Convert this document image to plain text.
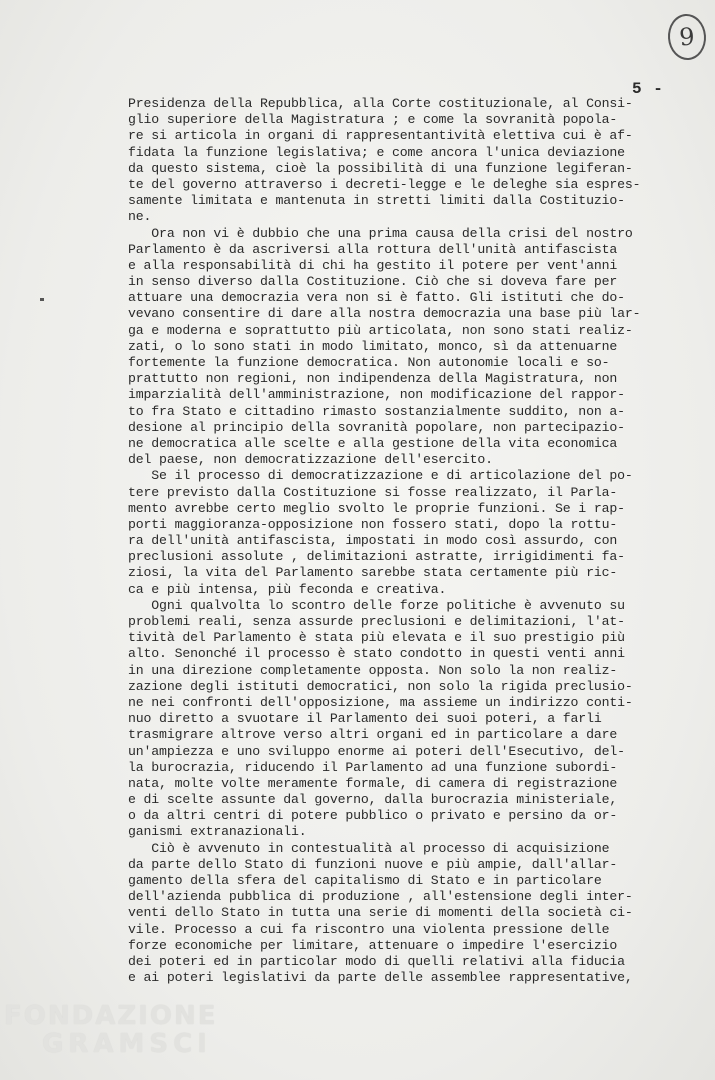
9
5 -
Presidenza della Repubblica, alla Corte costituzionale, al Consi-
glio superiore della Magistratura ; e come la sovranità popola-
re si articola in organi di rappresentantività elettiva cui è af-
fidata la funzione legislativa; e come ancora l'unica deviazione
da questo sistema, cioè la possibilità di una funzione legiferan-
te del governo attraverso i decreti-legge e le deleghe sia espres-
samente limitata e mantenuta in stretti limiti dalla Costituzio-
ne.
Ora non vi è dubbio che una prima causa della crisi del nostro
Parlamento è da ascriversi alla rottura dell'unità antifascista
e alla responsabilità di chi ha gestito il potere per vent'anni
in senso diverso dalla Costituzione. Ciò che si doveva fare per
attuare una democrazia vera non si è fatto. Gli istituti che do-
vevano consentire di dare alla nostra democrazia una base più lar-
ga e moderna e soprattutto più articolata, non sono stati realiz-
zati, o lo sono stati in modo limitato, monco, sì da attenuarne
fortemente la funzione democratica. Non autonomie locali e so-
prattutto non regioni, non indipendenza della Magistratura, non
imparzialità dell'amministrazione, non modificazione del rappor-
to fra Stato e cittadino rimasto sostanzialmente suddito, non a-
desione al principio della sovranità popolare, non partecipazio-
ne democratica alle scelte e alla gestione della vita economica
del paese, non democratizzazione dell'esercito.
Se il processo di democratizzazione e di articolazione del po-
tere previsto dalla Costituzione si fosse realizzato, il Parla-
mento avrebbe certo meglio svolto le proprie funzioni. Se i rap-
porti maggioranza-opposizione non fossero stati, dopo la rottu-
ra dell'unità antifascista, impostati in modo così assurdo, con
preclusioni assolute , delimitazioni astratte, irrigidimenti fa-
ziosi, la vita del Parlamento sarebbe stata certamente più ric-
ca e più intensa, più feconda e creativa.
Ogni qualvolta lo scontro delle forze politiche è avvenuto su
problemi reali, senza assurde preclusioni e delimitazioni, l'at-
tività del Parlamento è stata più elevata e il suo prestigio più
alto. Senonché il processo è stato condotto in questi venti anni
in una direzione completamente opposta. Non solo la non realiz-
zazione degli istituti democratici, non solo la rigida preclusio-
ne nei confronti dell'opposizione, ma assieme un indirizzo conti-
nuo diretto a svuotare il Parlamento dei suoi poteri, a farli
trasmigrare altrove verso altri organi ed in particolare a dare
un'ampiezza e uno sviluppo enorme ai poteri dell'Esecutivo, del-
la burocrazia, riducendo il Parlamento ad una funzione subordi-
nata, molte volte meramente formale, di camera di registrazione
e di scelte assunte dal governo, dalla burocrazia ministeriale,
o da altri centri di potere pubblico o privato e persino da or-
ganismi extranazionali.
Ciò è avvenuto in contestualità al processo di acquisizione
da parte dello Stato di funzioni nuove e più ampie, dall'allar-
gamento della sfera del capitalismo di Stato e in particolare
dell'azienda pubblica di produzione , all'estensione degli inter-
venti dello Stato in tutta una serie di momenti della società ci-
vile. Processo a cui fa riscontro una violenta pressione delle
forze economiche per limitare, attenuare o impedire l'esercizio
dei poteri ed in particolar modo di quelli relativi alla fiducia
e ai poteri legislativi da parte delle assemblee rappresentative,
FONDAZIONE
GRAMSCI
